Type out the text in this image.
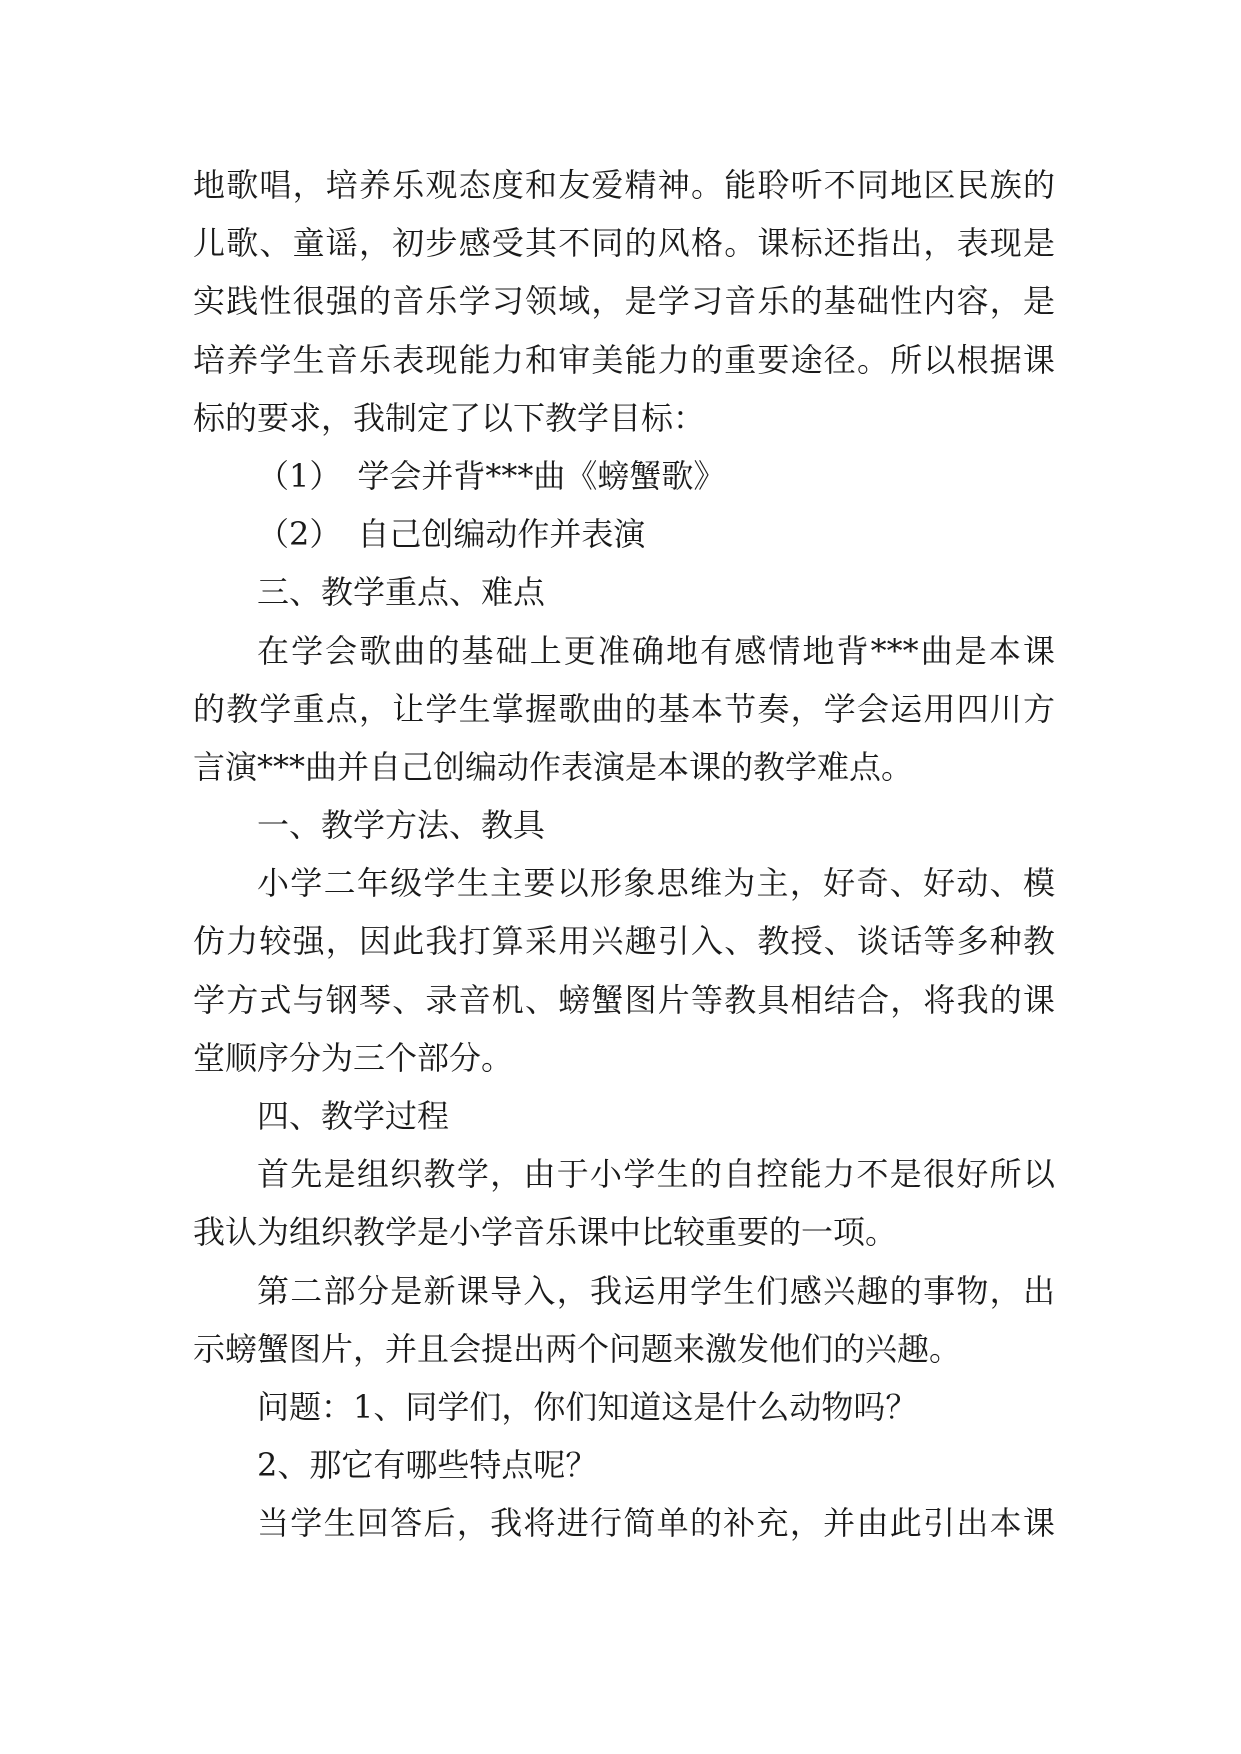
地歌唱，培养乐观态度和友爱精神。能聆听不同地区民族的
儿歌、童谣，初步感受其不同的风格。课标还指出，表现是
实践性很强的音乐学习领域，是学习音乐的基础性内容，是
培养学生音乐表现能力和审美能力的重要途径。所以根据课
标的要求，我制定了以下教学目标：
（1）　学会并背***曲《螃蟹歌》
（2）　自己创编动作并表演
三、教学重点、难点
在学会歌曲的基础上更准确地有感情地背***曲是本课
的教学重点，让学生掌握歌曲的基本节奏，学会运用四川方
言演***曲并自己创编动作表演是本课的教学难点。
一、教学方法、教具
小学二年级学生主要以形象思维为主，好奇、好动、模
仿力较强，因此我打算采用兴趣引入、教授、谈话等多种教
学方式与钢琴、录音机、螃蟹图片等教具相结合，将我的课
堂顺序分为三个部分。
四、教学过程
首先是组织教学，由于小学生的自控能力不是很好所以
我认为组织教学是小学音乐课中比较重要的一项。
第二部分是新课导入，我运用学生们感兴趣的事物，出
示螃蟹图片，并且会提出两个问题来激发他们的兴趣。
问题：1、同学们，你们知道这是什么动物吗？
2、那它有哪些特点呢？
当学生回答后，我将进行简单的补充，并由此引出本课
